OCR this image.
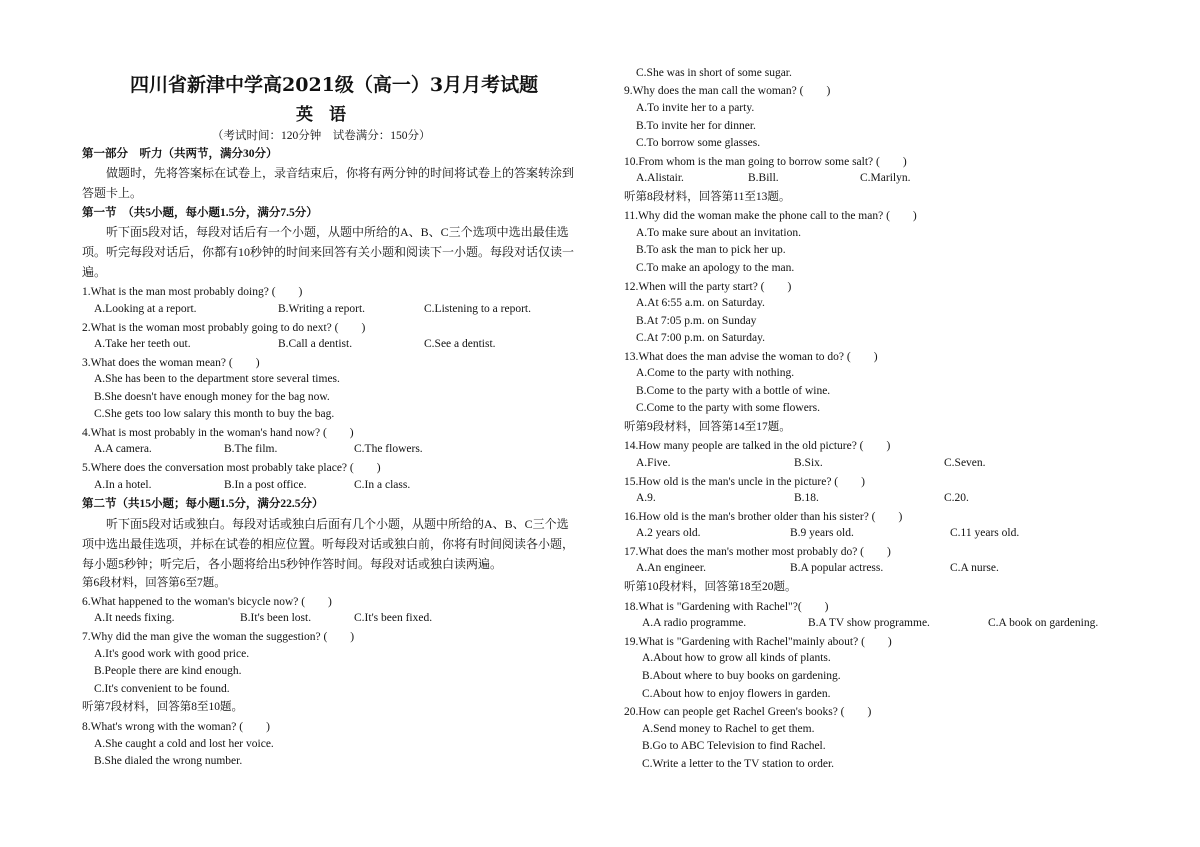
四川省新津中学高2021级（高一）3月月考试题
英语
（考试时间：120分钟　试卷满分：150分）
第一部分　听力（共两节，满分30分）
做题时，先将答案标在试卷上，录音结束后，你将有两分钟的时间将试卷上的答案转涂到答题卡上。
第一节　（共5小题，每小题1.5分，满分7.5分）
听下面5段对话，每段对话后有一个小题，从题中所给的A、B、C三个选项中选出最佳选项。听完每段对话后，你都有10秒钟的时间来回答有关小题和阅读下一小题。每段对话仅读一遍。
1.What is the man most probably doing? (　　)
A.Looking at a report.	B.Writing a report.	C.Listening to a report.
2.What is the woman most probably going to do next? (　　)
A.Take her teeth out.	B.Call a dentist.	C.See a dentist.
3.What does the woman mean? (　　)
A.She has been to the department store several times.
B.She doesn't have enough money for the bag now.
C.She gets too low salary this month to buy the bag.
4.What is most probably in the woman's hand now? (　　)
A.A camera.	B.The film.	C.The flowers.
5.Where does the conversation most probably take place? (　　)
A.In a hotel.	B.In a post office.	C.In a class.
第二节（共15小题；每小题1.5分，满分22.5分）
听下面5段对话或独白。每段对话或独白后面有几个小题，从题中所给的A、B、C三个选项中选出最佳选项，并标在试卷的相应位置。听每段对话或独白前，你将有时间阅读各小题，每小题5秒钟；听完后，各小题将给出5秒钟作答时间。每段对话或独白读两遍。
第6段材料，回答第6至7题。
6.What happened to the woman's bicycle now? (　　)
A.It needs fixing.	B.It's been lost.	C.It's been fixed.
7.Why did the man give the woman the suggestion? (　　)
A.It's good work with good price.
B.People there are kind enough.
C.It's convenient to be found.
听第7段材料，回答第8至10题。
8.What's wrong with the woman? (　　)
A.She caught a cold and lost her voice.
B.She dialed the wrong number.
C.She was in short of some sugar.
9.Why does the man call the woman? (　　)
A.To invite her to a party.
B.To invite her for dinner.
C.To borrow some glasses.
10.From whom is the man going to borrow some salt? (　　)
A.Alistair.	B.Bill.	C.Marilyn.
听第8段材料，回答第11至13题。
11.Why did the woman make the phone call to the man? (　　)
A.To make sure about an invitation.
B.To ask the man to pick her up.
C.To make an apology to the man.
12.When will the party start? (　　)
A.At 6:55 a.m. on Saturday.
B.At 7:05 p.m. on Sunday
C.At 7:00 p.m. on Saturday.
13.What does the man advise the woman to do? (　　)
A.Come to the party with nothing.
B.Come to the party with a bottle of wine.
C.Come to the party with some flowers.
听第9段材料，回答第14至17题。
14.How many people are talked in the old picture? (　　)
A.Five.	B.Six.	C.Seven.
15.How old is the man's uncle in the picture? (　　)
A.9.	B.18.	C.20.
16.How old is the man's brother older than his sister? (　　)
A.2 years old.	B.9 years old.	C.11 years old.
17.What does the man's mother most probably do? (　　)
A.An engineer.	B.A popular actress.	C.A nurse.
听第10段材料，回答第18至20题。
18.What is "Gardening with Rachel"?(　　)
A.A radio programme.	B.A TV show programme.	C.A book on gardening.
19.What is "Gardening with Rachel"mainly about? (　　)
A.About how to grow all kinds of plants.
B.About where to buy books on gardening.
C.About how to enjoy flowers in garden.
20.How can people get Rachel Green's books? (　　)
A.Send money to Rachel to get them.
B.Go to ABC Television to find Rachel.
C.Write a letter to the TV station to order.
